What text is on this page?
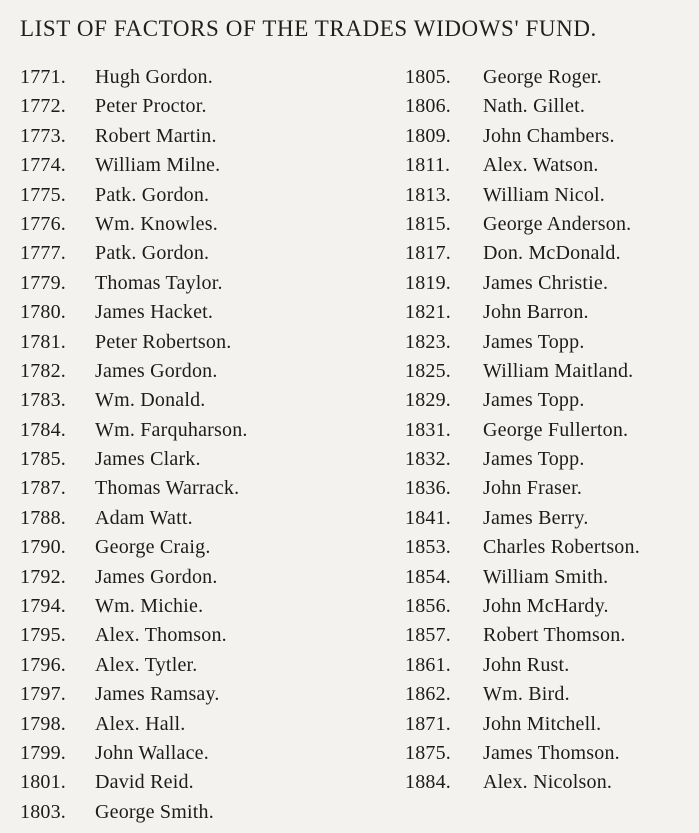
LIST OF FACTORS OF THE TRADES WIDOWS' FUND.
1771.	Hugh Gordon.
1772.	Peter Proctor.
1773.	Robert Martin.
1774.	William Milne.
1775.	Patk. Gordon.
1776.	Wm. Knowles.
1777.	Patk. Gordon.
1779.	Thomas Taylor.
1780.	James Hacket.
1781.	Peter Robertson.
1782.	James Gordon.
1783.	Wm. Donald.
1784.	Wm. Farquharson.
1785.	James Clark.
1787.	Thomas Warrack.
1788.	Adam Watt.
1790.	George Craig.
1792.	James Gordon.
1794.	Wm. Michie.
1795.	Alex. Thomson.
1796.	Alex. Tytler.
1797.	James Ramsay.
1798.	Alex. Hall.
1799.	John Wallace.
1801.	David Reid.
1803.	George Smith.
1805.	George Roger.
1806.	Nath. Gillet.
1809.	John Chambers.
1811.	Alex. Watson.
1813.	William Nicol.
1815.	George Anderson.
1817.	Don. McDonald.
1819.	James Christie.
1821.	John Barron.
1823.	James Topp.
1825.	William Maitland.
1829.	James Topp.
1831.	George Fullerton.
1832.	James Topp.
1836.	John Fraser.
1841.	James Berry.
1853.	Charles Robertson.
1854.	William Smith.
1856.	John McHardy.
1857.	Robert Thomson.
1861.	John Rust.
1862.	Wm. Bird.
1871.	John Mitchell.
1875.	James Thomson.
1884.	Alex. Nicolson.
